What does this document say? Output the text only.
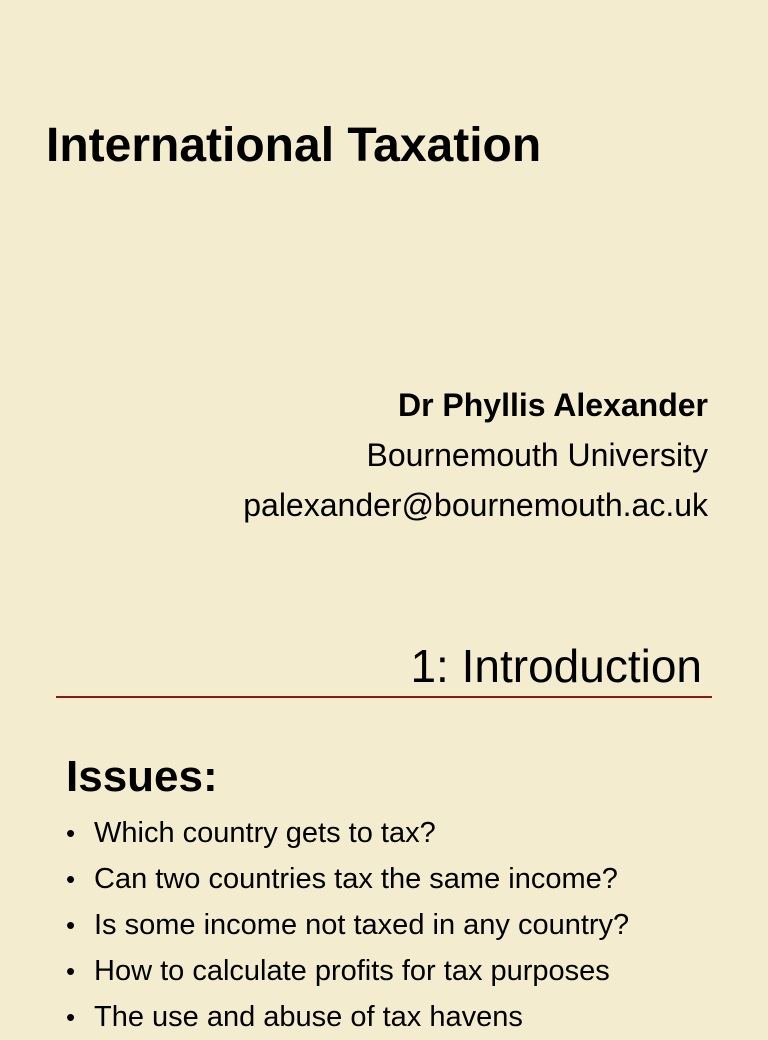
International Taxation
Dr Phyllis Alexander
Bournemouth University
palexander@bournemouth.ac.uk
1: Introduction
Issues:
• Which country gets to tax?
• Can two countries tax the same income?
• Is some income not taxed in any country?
• How to calculate profits for tax purposes
• The use and abuse of tax havens
